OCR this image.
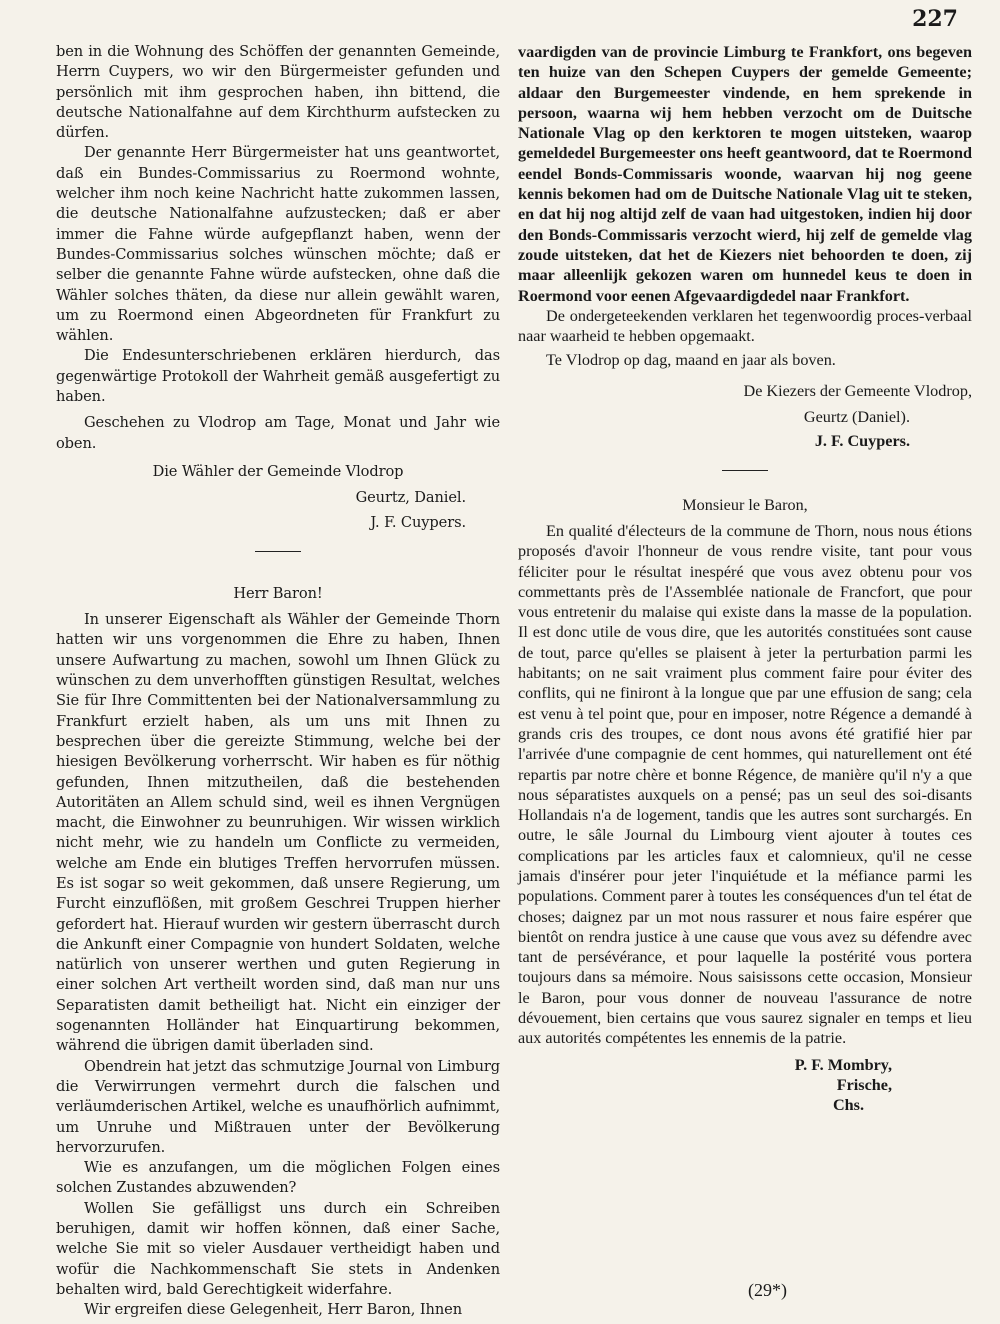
227

ben in die Wohnung des Schöffen der genannten Gemeinde, Herrn Cuypers, wo wir den Bürgermeister gefunden und persönlich mit ihm gesprochen haben, ihn bittend, die deutsche Nationalfahne auf dem Kirchthurm aufstecken zu dürfen.

Der genannte Herr Bürgermeister hat uns geantwortet, daß ein Bundes-Commissarius zu Roermond wohnte, welcher ihm noch keine Nachricht hatte zukommen lassen, die deutsche Nationalfahne aufzustecken; daß er aber immer die Fahne würde aufgepflanzt haben, wenn der Bundes-Commissarius solches wünschen möchte; daß er selber die genannte Fahne würde aufstecken, ohne daß die Wähler solches thäten, da diese nur allein gewählt waren, um zu Roermond einen Abgeordneten für Frankfurt zu wählen.

Die Endesunterschriebenen erklären hierdurch, das gegenwärtige Protokoll der Wahrheit gemäß ausgefertigt zu haben.

Geschehen zu Vlodrop am Tage, Monat und Jahr wie oben.

Die Wähler der Gemeinde Vlodrop

Geurtz, Daniel.

J. F. Cuypers.

Herr Baron!

In unserer Eigenschaft als Wähler der Gemeinde Thorn hatten wir uns vorgenommen die Ehre zu haben, Ihnen unsere Aufwartung zu machen, sowohl um Ihnen Glück zu wünschen zu dem unverhofften günstigen Resultat, welches Sie für Ihre Committenten bei der Nationalversammlung zu Frankfurt erzielt haben, als um uns mit Ihnen zu besprechen über die gereizte Stimmung, welche bei der hiesigen Bevölkerung vorherrscht. Wir haben es für nöthig gefunden, Ihnen mitzutheilen, daß die bestehenden Autoritäten an Allem schuld sind, weil es ihnen Vergnügen macht, die Einwohner zu beunruhigen. Wir wissen wirklich nicht mehr, wie zu handeln um Conflicte zu vermeiden, welche am Ende ein blutiges Treffen hervorrufen müssen. Es ist sogar so weit gekommen, daß unsere Regierung, um Furcht einzuflößen, mit großem Geschrei Truppen hierher gefordert hat. Hierauf wurden wir gestern überrascht durch die Ankunft einer Compagnie von hundert Soldaten, welche natürlich von unserer werthen und guten Regierung in einer solchen Art vertheilt worden sind, daß man nur uns Separatisten damit betheiligt hat. Nicht ein einziger der sogenannten Holländer hat Einquartirung bekommen, während die übrigen damit überladen sind.

Obendrein hat jetzt das schmutzige Journal von Limburg die Verwirrungen vermehrt durch die falschen und verläumderischen Artikel, welche es unaufhörlich aufnimmt, um Unruhe und Mißtrauen unter der Bevölkerung hervorzurufen.

Wie es anzufangen, um die möglichen Folgen eines solchen Zustandes abzuwenden?

Wollen Sie gefälligst uns durch ein Schreiben beruhigen, damit wir hoffen können, daß einer Sache, welche Sie mit so vieler Ausdauer vertheidigt haben und wofür die Nachkommenschaft Sie stets in Andenken behalten wird, bald Gerechtigkeit widerfahre.

Wir ergreifen diese Gelegenheit, Herr Baron, Ihnen

vaardigden van de provincie Limburg te Frankfort, ons begeven ten huize van den Schepen Cuypers der gemelde Gemeente; aldaar den Burgemeester vindende, en hem sprekende in persoon, waarna wij hem hebben verzocht om de Duitsche Nationale Vlag op den kerktoren te mogen uitsteken, waarop gemeldedel Burgemeester ons heeft geantwoord, dat te Roermond eendel Bonds-Commissaris woonde, waarvan hij nog geene kennis bekomen had om de Duitsche Nationale Vlag uit te steken, en dat hij nog altijd zelf de vaan had uitgestoken, indien hij door den Bonds-Commissaris verzocht wierd, hij zelf de gemelde vlag zoude uitsteken, dat het de Kiezers niet behoorden te doen, zij maar alleenlijk gekozen waren om hunnedel keus te doen in Roermond voor eenen Afgevaardigdedel naar Frankfort.

De ondergeteekenden verklaren het tegenwoordig proces-verbaal naar waarheid te hebben opgemaakt.

Te Vlodrop op dag, maand en jaar als boven.

De Kiezers der Gemeente Vlodrop,

Geurtz (Daniel).

J. F. Cuypers.

Monsieur le Baron,

En qualité d'électeurs de la commune de Thorn, nous nous étions proposés d'avoir l'honneur de vous rendre visite, tant pour vous féliciter pour le résultat inespéré que vous avez obtenu pour vos commettants près de l'Assemblée nationale de Francfort, que pour vous entretenir du malaise qui existe dans la masse de la population. Il est donc utile de vous dire, que les autorités constituées sont cause de tout, parce qu'elles se plaisent à jeter la perturbation parmi les habitants; on ne sait vraiment plus comment faire pour éviter des conflits, qui ne finiront à la longue que par une effusion de sang; cela est venu à tel point que, pour en imposer, notre Régence a demandé à grands cris des troupes, ce dont nous avons été gratifié hier par l'arrivée d'une compagnie de cent hommes, qui naturellement ont été repartis par notre chère et bonne Régence, de manière qu'il n'y a que nous séparatistes auxquels on a pensé; pas un seul des soi-disants Hollandais n'a de logement, tandis que les autres sont surchargés. En outre, le sâle Journal du Limbourg vient ajouter à toutes ces complications par les articles faux et calomnieux, qu'il ne cesse jamais d'insérer pour jeter l'inquiétude et la méfiance parmi les populations. Comment parer à toutes les conséquences d'un tel état de choses; daignez par un mot nous rassurer et nous faire espérer que bientôt on rendra justice à une cause que vous avez su défendre avec tant de persévérance, et pour laquelle la postérité vous portera toujours dans sa mémoire. Nous saisissons cette occasion, Monsieur le Baron, pour vous donner de nouveau l'assurance de notre dévouement, bien certains que vous saurez signaler en temps et lieu aux autorités compétentes les ennemis de la patrie.

P. F. Mombry,

Frische,

Chs.

(29*)
